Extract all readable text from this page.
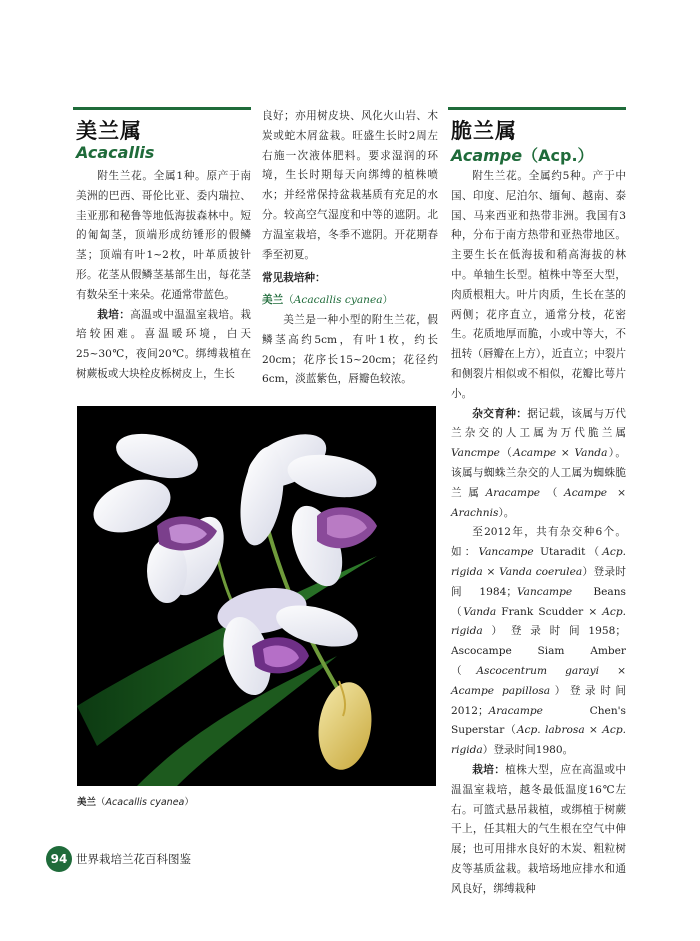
美兰属
Acacallis

附生兰花。全属1种。原产于南美洲的巴西、哥伦比亚、委内瑞拉、圭亚那和秘鲁等地低海拔森林中。短的匍匐茎，顶端形成纺锤形的假鳞茎；顶端有叶1~2枚，叶革质披针形。花茎从假鳞茎基部生出，每花茎有数朵至十来朵。花通常带蓝色。

栽培：高温或中温温室栽培。栽培较困难。喜温暖环境，白天25~30℃，夜间20℃。绑缚栽植在树蕨板或大块栓皮栎树皮上，生长

良好；亦用树皮块、风化火山岩、木炭或蛇木屑盆栽。旺盛生长时2周左右施一次液体肥料。要求湿润的环境，生长时期每天向绑缚的植株喷水；并经常保持盆栽基质有充足的水分。较高空气湿度和中等的遮阴。北方温室栽培，冬季不遮阴。开花期春季至初夏。

常见栽培种：
美兰（Acacallis cyanea）

美兰是一种小型的附生兰花，假鳞茎高约5cm，有叶1枚，约长20cm；花序长15~20cm；花径约6cm，淡蓝紫色，唇瓣色较浓。

脆兰属
Acampe（Acp.）

附生兰花。全属约5种。产于中国、印度、尼泊尔、缅甸、越南、泰国、马来西亚和热带非洲。我国有3种，分布于南方热带和亚热带地区。主要生长在低海拔和稍高海拔的林中。单轴生长型。植株中等至大型，肉质根粗大。叶片肉质，生长在茎的两侧；花序直立，通常分枝，花密生。花质地厚而脆，小或中等大，不扭转（唇瓣在上方），近直立；中裂片和侧裂片相似或不相似，花瓣比萼片小。

杂交育种：据记载，该属与万代兰杂交的人工属为万代脆兰属Vancmpe（Acampe × Vanda）。该属与蜘蛛兰杂交的人工属为蜘蛛脆兰属Aracampe（Acampe × Arachnis）。

至2012年，共有杂交种6个。如：Vancampe Utaradit（Acp. rigida × Vanda coerulea）登录时间1984；Vancampe Beans（Vanda Frank Scudder × Acp. rigida）登录时间1958；Ascocampe Siam Amber（Ascocentrum garayi × Acampe papillosa）登录时间2012；Aracampe Chen's Superstar（Acp. labrosa × Acp. rigida）登录时间1980。

栽培：植株大型，应在高温或中温温室栽培，越冬最低温度16℃左右。可篮式悬吊栽植，或绑植于树蕨干上，任其粗大的气生根在空气中伸展；也可用排水良好的木炭、粗粒树皮等基质盆栽。栽培场地应排水和通风良好，绑缚栽种

美兰（Acacallis cyanea）
94 世界栽培兰花百科图鉴
